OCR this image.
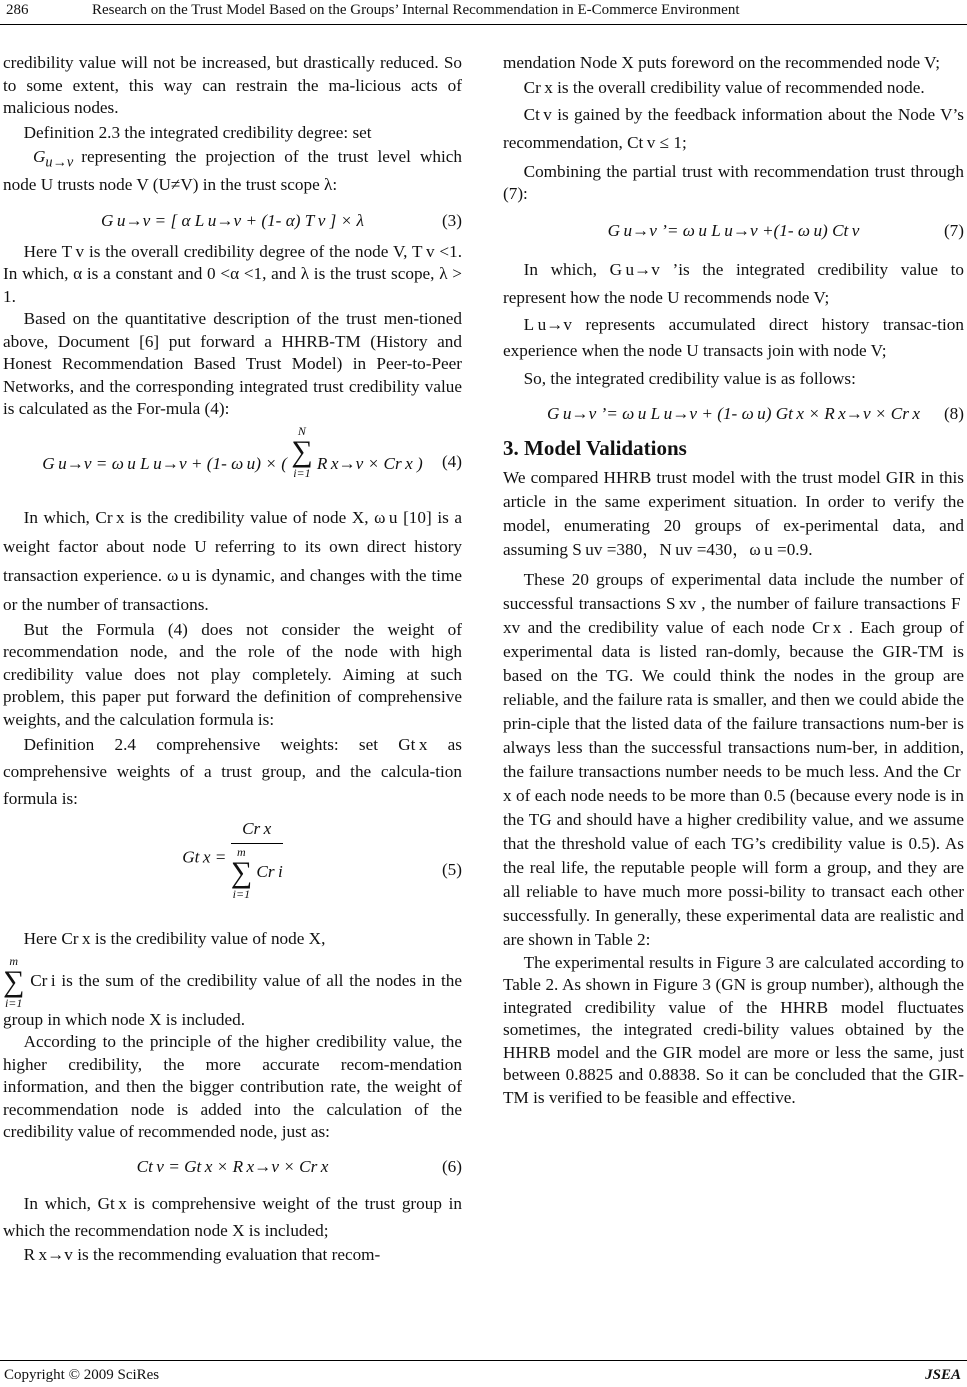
286	Research on the Trust Model Based on the Groups’ Internal Recommendation in E-Commerce Environment

credibility value will not be increased, but drastically reduced. So to some extent, this way can restrain the ma-licious acts of malicious nodes.

Definition 2.3 the integrated credibility degree: set

$G_{u\to v}$ representing the projection of the trust level which node U trusts node V (U≠V) in the trust scope λ:

G u→v = [ α L u→v + (1- α) T v ] × λ	(3)

Here T v is the overall credibility degree of the node V, T v <1. In which, α is a constant and 0 <α <1, and λ is the trust scope, λ > 1.

Based on the quantitative description of the trust men-tioned above, Document [6] put forward a HHRB-TM (History and Honest Recommendation Based Trust Model) in Peer-to-Peer Networks, and the corresponding integrated trust credibility value is calculated as the For-mula (4):

G u→v = ω u L u→v + (1- ω u) × (
N
∑
i=1 R x→v × Cr x ) (4)

In which, Cr x is the credibility value of node X, ω u [10] is a weight factor about node U referring to its own direct history transaction experience. ω u is dynamic, and changes with the time or the number of transactions.

But the Formula (4) does not consider the weight of recommendation node, and the role of the node with high credibility value does not play completely. Aiming at such problem, this paper put forward the definition of comprehensive weights, and the calculation formula is:

Definition 2.4 comprehensive weights: set Gt x as comprehensive weights of a trust group, and the calcula-tion formula is:

Gt x = Cr x
m
∑
i=1
Cr i	(5)

Here Cr x is the credibility value of node X,

m
∑
i=1
Cr i is the sum of the credibility value of all the nodes in the group in which node X is included.

According to the principle of the higher credibility value, the higher credibility, the more accurate recom-mendation information, and then the bigger contribution rate, the weight of recommendation node is added into the calculation of the credibility value of recommended node, just as:

Ct v = Gt x × R x→v × Cr x	(6)

In which, Gt x is comprehensive weight of the trust group in which the recommendation node X is included;

R x→v is the recommending evaluation that recom-

mendation Node X puts foreword on the recommended node V;

Cr x is the overall credibility value of recommended node.

Ct v is gained by the feedback information about the Node V’s recommendation, Ct v ≤ 1;

Combining the partial trust with recommendation trust through (7):

G u→v ’= ω u L u→v +(1- ω u) Ct v	(7)

In which, G u→v ’is the integrated credibility value to represent how the node U recommends node V;

L u→v represents accumulated direct history transac-tion experience when the node U transacts join with node V;

So, the integrated credibility value is as follows:

G u→v ’= ω u L u→v + (1- ω u) Gt x × R x→v × Cr x (8)
3. Model Validations

We compared HHRB trust model with the trust model GIR in this article in the same experiment situation. In order to verify the model, enumerating 20 groups of ex-perimental data, and assuming S uv =380，N uv =430，ω u =0.9.

These 20 groups of experimental data include the number of successful transactions S xv , the number of failure transactions F xv and the credibility value of each node Cr x . Each group of experimental data is listed ran-domly, because the GIR-TM is based on the TG. We could think the nodes in the group are reliable, and the failure rata is smaller, and then we could abide the prin-ciple that the listed data of the failure transactions num-ber is always less than the successful transactions num-ber, in addition, the failure transactions number needs to be much less. And the Cr x of each node needs to be more than 0.5 (because every node is in the TG and should have a higher credibility value, and we assume that the threshold value of each TG’s credibility value is 0.5). As the real life, the reputable people will form a group, and they are all reliable to have much more possi-bility to transact each other successfully. In generally, these experimental data are realistic and are shown in Table 2:

The experimental results in Figure 3 are calculated according to Table 2. As shown in Figure 3 (GN is group number), although the integrated credibility value of the HHRB model fluctuates sometimes, the integrated credi-bility values obtained by the HHRB model and the GIR model are more or less the same, just between 0.8825 and 0.8838. So it can be concluded that the GIR-TM is verified to be feasible and effective.

Copyright © 2009 SciRes	JSEA
